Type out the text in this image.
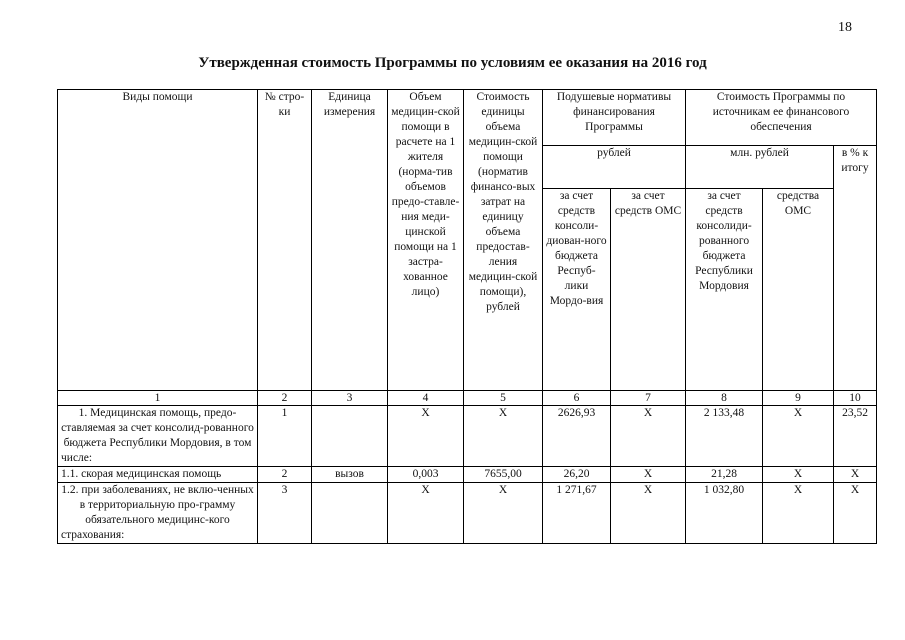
18
Утвержденная стоимость Программы по условиям ее оказания на 2016 год
Виды помощи	№ стро-ки	Единица измерения	Объем медицин-ской помощи в расчете на 1 жителя (норма-тив объемов предо-ставле-ния меди-цинской помощи на 1 застра-хованное лицо)	Стоимость единицы объема медицин-ской помощи (норматив финансо-вых затрат на единицу объема предостав-ления медицин-ской помощи), рублей	Подушевые нормативы финансирования Программы		Стоимость Программы по источникам ее финансового обеспечения		
					рублей		млн. рублей		в % к итогу
					за счет средств консоли-диован-ного бюджета Респуб-лики Мордо-вия	за счет средств ОМС	за счет средств консолиди-рованного бюджета Республики Мордовия	средства ОМС	
1	2	3	4	5	6	7	8	9	10
1. Медицинская помощь, предо-ставляемая за счет консолид-рованного бюджета Республики Мордовия, в том числе:	1		X	X	2626,93	X	2 133,48	X	23,52
1.1. скорая медицинская помощь	2	вызов	0,003	7655,00	26,20	X	21,28	X	X
1.2. при заболеваниях, не вклю-ченных в территориальную про-грамму обязательного медицинс-кого страхования:	3		X	X	1 271,67	X	1 032,80	X	X
